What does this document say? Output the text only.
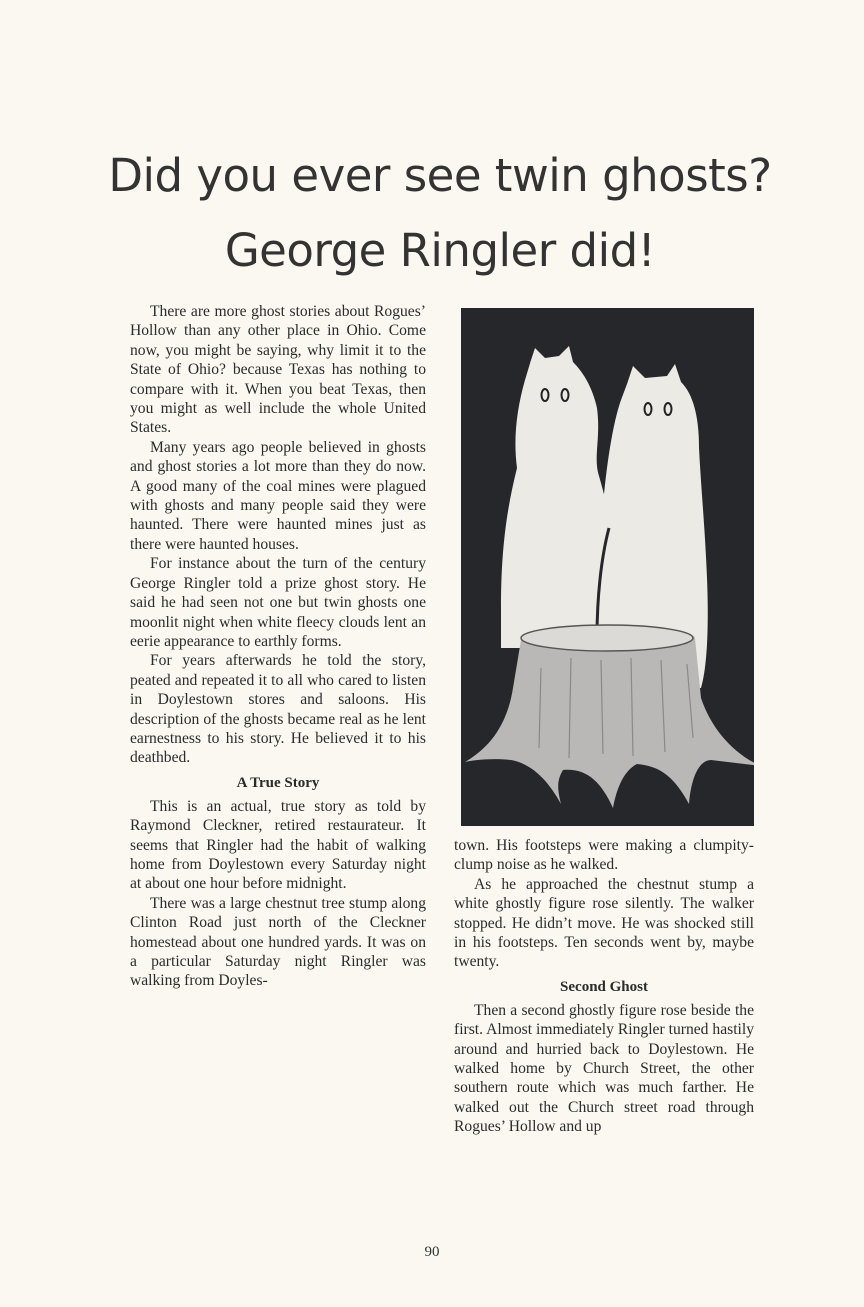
Did you ever see twin ghosts?
George Ringler did!

There are more ghost stories about Rogues’ Hollow than any other place in Ohio. Come now, you might be saying, why limit it to the State of Ohio? because Texas has nothing to compare with it. When you beat Texas, then you might as well include the whole United States.

Many years ago people believed in ghosts and ghost stories a lot more than they do now. A good many of the coal mines were plagued with ghosts and many people said they were haunted. There were haunted mines just as there were haunted houses.

For instance about the turn of the century George Ringler told a prize ghost story. He said he had seen not one but twin ghosts one moonlit night when white fleecy clouds lent an eerie appearance to earthly forms.

For years afterwards he told the story, peated and repeated it to all who cared to listen in Doylestown stores and saloons. His description of the ghosts became real as he lent earnestness to his story. He believed it to his deathbed.

A True Story

This is an actual, true story as told by Raymond Cleckner, retired restaurateur. It seems that Ringler had the habit of walking home from Doylestown every Saturday night at about one hour before midnight.

There was a large chestnut tree stump along Clinton Road just north of the Cleckner homestead about one hundred yards. It was on a particular Saturday night Ringler was walking from Doyles-

town. His footsteps were making a clumpity-clump noise as he walked.

As he approached the chestnut stump a white ghostly figure rose silently. The walker stopped. He didn’t move. He was shocked still in his footsteps. Ten seconds went by, maybe twenty.

Second Ghost

Then a second ghostly figure rose beside the first. Almost immediately Ringler turned hastily around and hurried back to Doylestown. He walked home by Church Street, the other southern route which was much farther. He walked out the Church street road through Rogues’ Hollow and up

90
